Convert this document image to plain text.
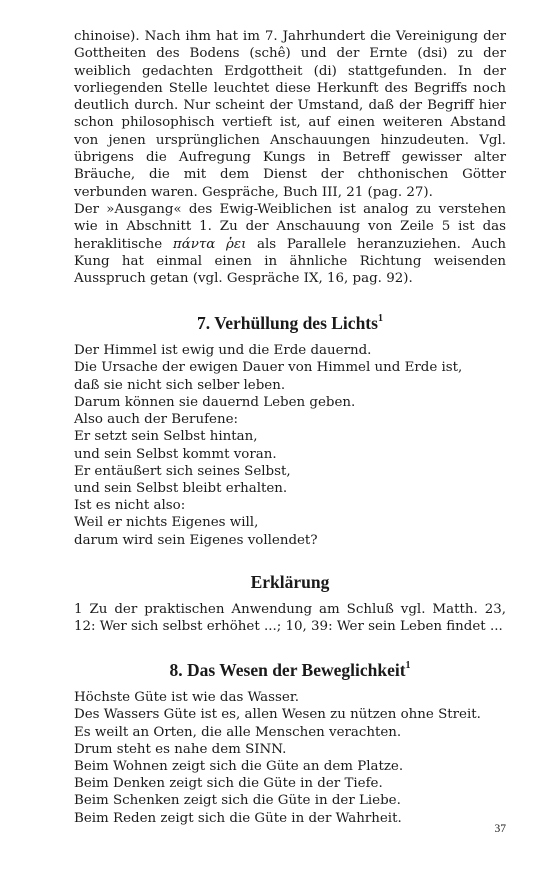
chinoise). Nach ihm hat im 7. Jahrhundert die Vereinigung der Gottheiten des Bodens (schê) und der Ernte (dsi) zu der weiblich gedachten Erdgottheit (di) stattgefunden. In der vorliegenden Stelle leuchtet diese Herkunft des Begriffs noch deutlich durch. Nur scheint der Umstand, daß der Begriff hier schon philosophisch vertieft ist, auf einen weiteren Abstand von jenen ursprünglichen Anschauungen hinzudeuten. Vgl. übrigens die Aufregung Kungs in Betreff gewisser alter Bräuche, die mit dem Dienst der chthonischen Götter verbunden waren. Gespräche, Buch III, 21 (pag. 27).

Der »Ausgang« des Ewig-Weiblichen ist analog zu verstehen wie in Abschnitt 1. Zu der Anschauung von Zeile 5 ist das heraklitische πάντα ῥει als Parallele heranzuziehen. Auch Kung hat einmal einen in ähnliche Richtung weisenden Ausspruch getan (vgl. Gespräche IX, 16, pag. 92).

7. Verhüllung des Lichts$^1$
Der Himmel ist ewig und die Erde dauernd.
Die Ursache der ewigen Dauer von Himmel und Erde ist,
daß sie nicht sich selber leben.
Darum können sie dauernd Leben geben.
Also auch der Berufene:
Er setzt sein Selbst hintan,
und sein Selbst kommt voran.
Er entäußert sich seines Selbst,
und sein Selbst bleibt erhalten.
Ist es nicht also:
Weil er nichts Eigenes will,
darum wird sein Eigenes vollendet?
Erklärung

1 Zu der praktischen Anwendung am Schluß vgl. Matth. 23, 12: Wer sich selbst erhöhet ...; 10, 39: Wer sein Leben findet ...

8. Das Wesen der Beweglichkeit$^1$
Höchste Güte ist wie das Wasser.
Des Wassers Güte ist es, allen Wesen zu nützen ohne Streit.
Es weilt an Orten, die alle Menschen verachten.
Drum steht es nahe dem SINN.
Beim Wohnen zeigt sich die Güte an dem Platze.
Beim Denken zeigt sich die Güte in der Tiefe.
Beim Schenken zeigt sich die Güte in der Liebe.
Beim Reden zeigt sich die Güte in der Wahrheit.
37
